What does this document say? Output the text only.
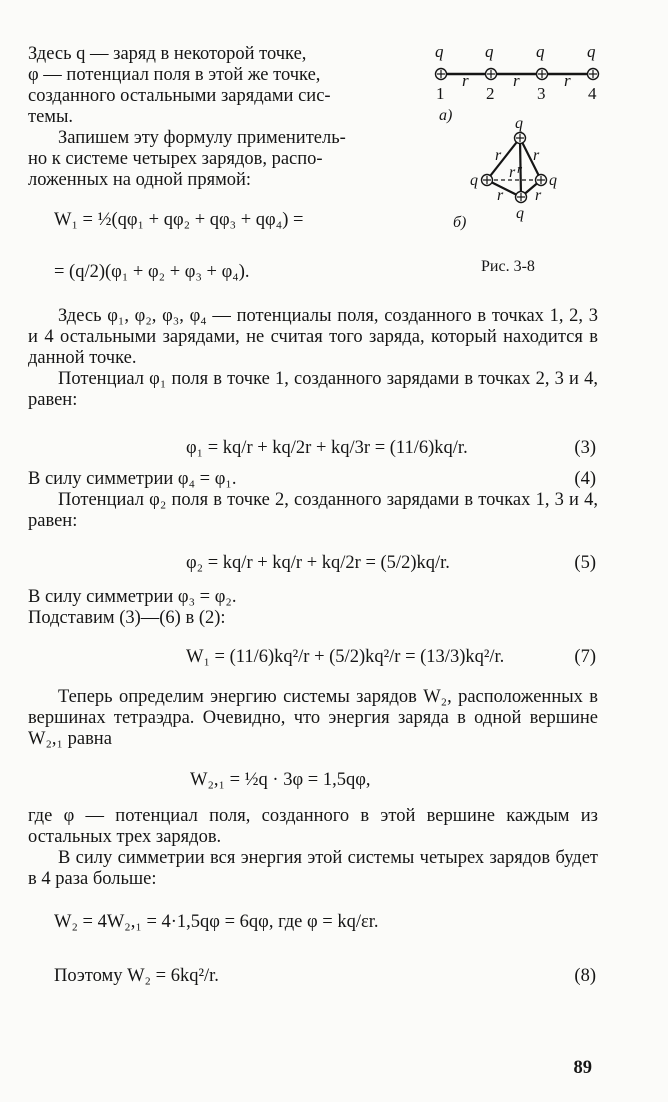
q q	q	q
r	r	r
1 2	3	4
а)	q
q	q
q
r r
r
r r
r
б)
Рис. 3-8
Здесь q — заряд в некоторой точке,
φ — потенциал поля в этой же точке,
созданного остальными зарядами сис-
темы.
Запишем эту формулу применитель-
но к системе четырех зарядов, распо-
ложенных на одной прямой:
W₁ = ½(qφ₁ + qφ₂ + qφ₃ + qφ₄) =
= (q/2)(φ₁ + φ₂ + φ₃ + φ₄).
Здесь φ₁, φ₂, φ₃, φ₄ — потенциалы поля, созданного в точках 1, 2, 3 и 4 остальными зарядами, не считая того заряда, который находится в данной точке.
Потенциал φ₁ поля в точке 1, созданного зарядами в точках 2, 3 и 4, равен:
φ₁ = kq/r + kq/2r + kq/3r = (11/6)kq/r.	(3)
В силу симметрии φ₄ = φ₁.	(4)
Потенциал φ₂ поля в точке 2, созданного зарядами в точках 1, 3 и 4, равен:
φ₂ = kq/r + kq/r + kq/2r = (5/2)kq/r.	(5)
В силу симметрии φ₃ = φ₂.
Подставим (3)—(6) в (2):
W₁ = (11/6)kq²/r + (5/2)kq²/r = (13/3)kq²/r.	(7)
Теперь определим энергию системы зарядов W₂, расположенных в вершинах тетраэдра. Очевидно, что энергия заряда в одной вершине W₂,₁ равна
W₂,₁ = ½q · 3φ = 1,5qφ,
где φ — потенциал поля, созданного в этой вершине каждым из остальных трех зарядов.
В силу симметрии вся энергия этой системы четырех зарядов будет в 4 раза больше:
W₂ = 4W₂,₁ = 4·1,5qφ = 6qφ, где φ = kq/εr.
Поэтому W₂ = 6kq²/r.	(8)
89
